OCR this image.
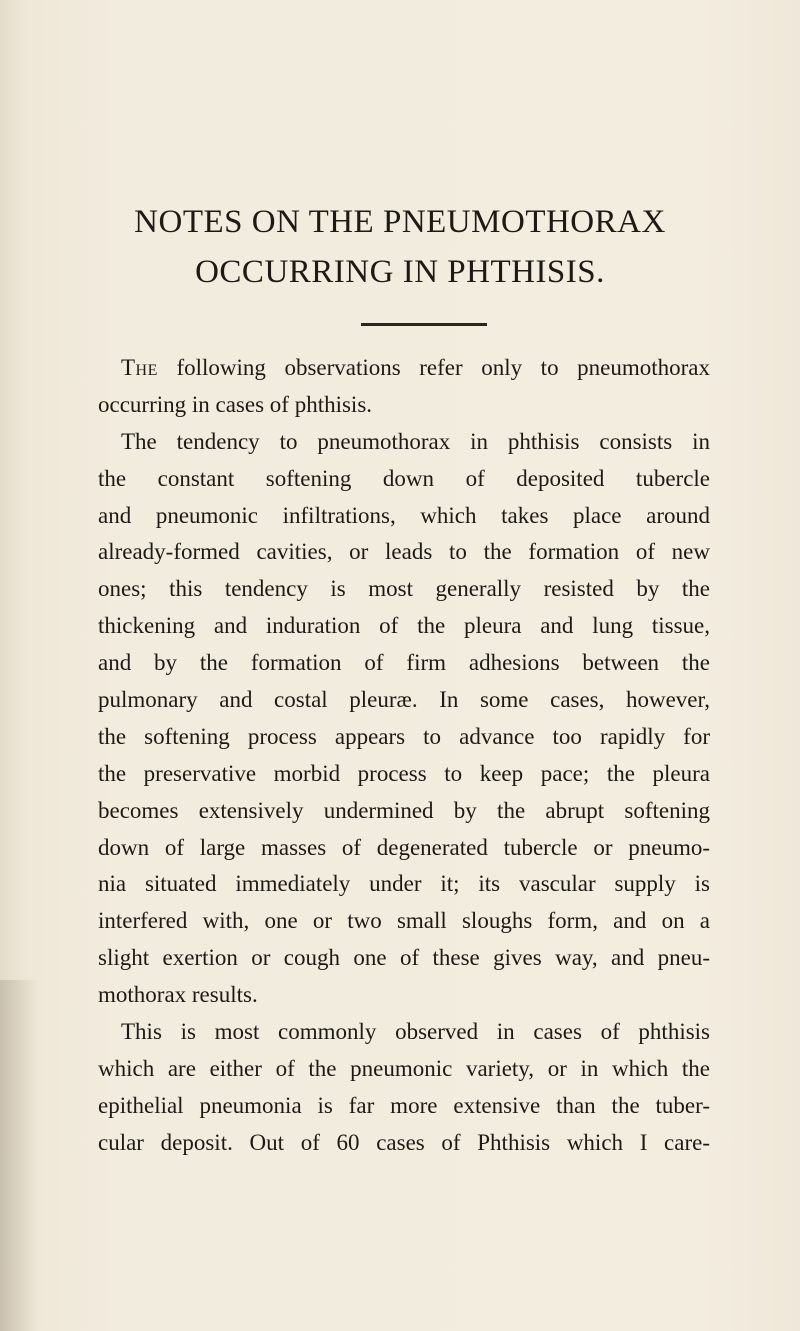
NOTES ON THE PNEUMOTHORAX
OCCURRING IN PHTHISIS.
The following observations refer only to pneumothorax
occurring in cases of phthisis.
The tendency to pneumothorax in phthisis consists in
the constant softening down of deposited tubercle
and pneumonic infiltrations, which takes place around
already-formed cavities, or leads to the formation of new
ones; this tendency is most generally resisted by the
thickening and induration of the pleura and lung tissue,
and by the formation of firm adhesions between the
pulmonary and costal pleuræ. In some cases, however,
the softening process appears to advance too rapidly for
the preservative morbid process to keep pace; the pleura
becomes extensively undermined by the abrupt softening
down of large masses of degenerated tubercle or pneumo-
nia situated immediately under it; its vascular supply is
interfered with, one or two small sloughs form, and on a
slight exertion or cough one of these gives way, and pneu-
mothorax results.
This is most commonly observed in cases of phthisis
which are either of the pneumonic variety, or in which the
epithelial pneumonia is far more extensive than the tuber-
cular deposit. Out of 60 cases of Phthisis which I care-
